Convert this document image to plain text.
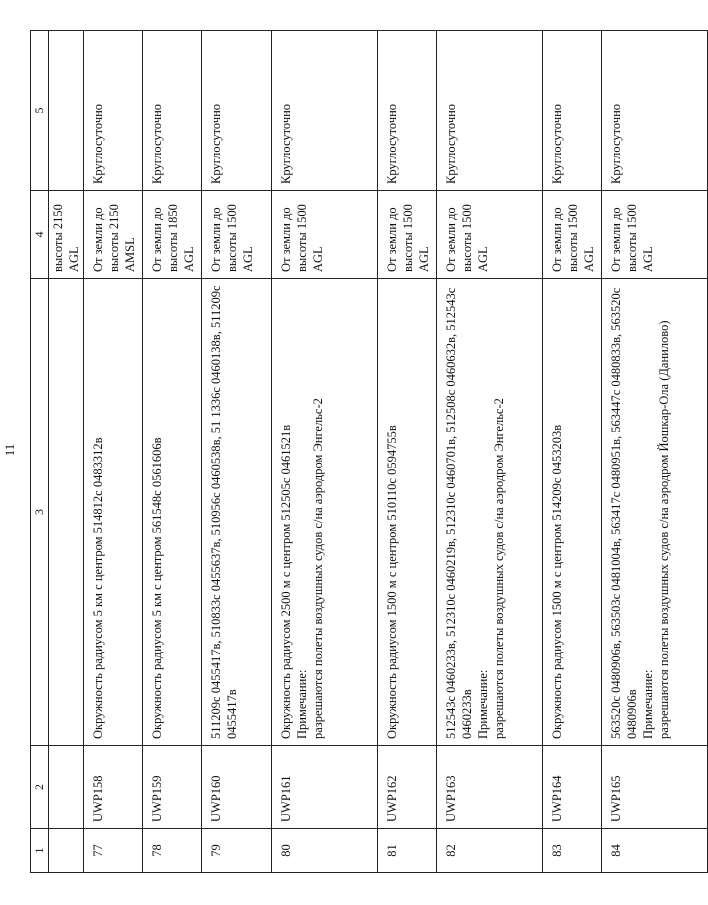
11
1	2	3	4	5
			высоты 2150 AGL	
77	UWP158	Окружность радиусом 5 км с центром 514812с 0483312в	От земли до высоты 2150 AMSL	Круглосуточно
78	UWP159	Окружность радиусом 5 км с центром 561548с 0561606в	От земли до высоты 1850 AGL	Круглосуточно
79	UWP160	511209с 0455417в, 510833с 0455637в, 510956с 0460538в, 51 1336с 0460138в, 511209с 0455417в	От земли до высоты 1500 AGL	Круглосуточно
80	UWP161	Окружность радиусом 2500 м с центром 512505с 0461521в
Примечание:
разрешаются полеты воздушных судов с/на аэродром Энгельс-2	От земли до высоты 1500 AGL	Круглосуточно
81	UWP162	Окружность радиусом 1500 м с центром 510110с 0594755в	От земли до высоты 1500 AGL	Круглосуточно
82	UWP163	512543с 0460233в, 512310с 0460219в, 512310с 0460701в, 512508с 0460632в, 512543с 0460233в
Примечание:
разрешаются полеты воздушных судов с/на аэродром Энгельс-2	От земли до высоты 1500 AGL	Круглосуточно
83	UWP164	Окружность радиусом 1500 м с центром 514209с 0453203в	От земли до высоты 1500 AGL	Круглосуточно
84	UWP165	563520с 0480906в, 563503с 0481004в, 563417с 0480951в, 563447с 0480833в, 563520с 0480906в
Примечание:
разрешаются полеты воздушных судов с/на аэродром Йошкар-Ола (Данилово)	От земли до высоты 1500 AGL	Круглосуточно
